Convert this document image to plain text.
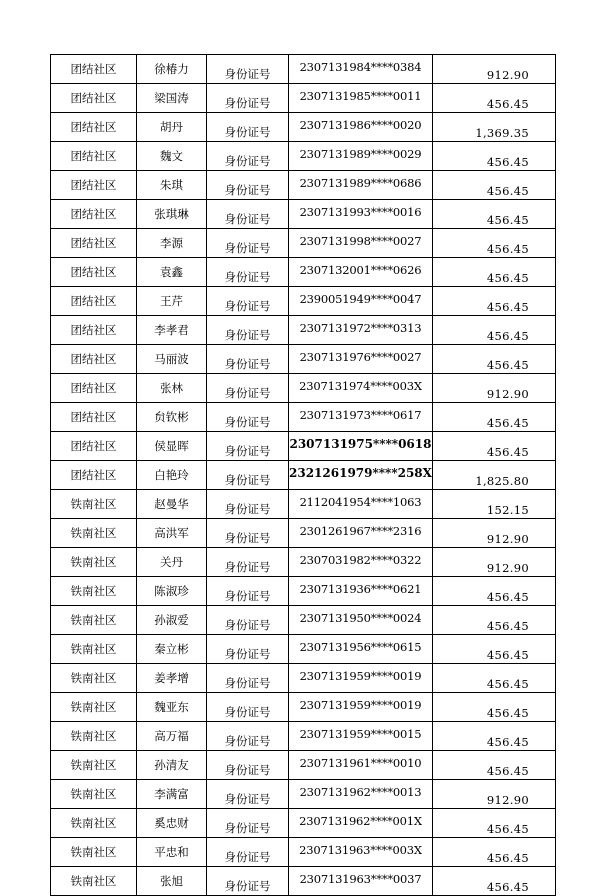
团结社区	徐椿力	身份证号	2307131984****0384	912.90
团结社区	梁国涛	身份证号	2307131985****0011	456.45
团结社区	胡丹	身份证号	2307131986****0020	1,369.35
团结社区	魏文	身份证号	2307131989****0029	456.45
团结社区	朱琪	身份证号	2307131989****0686	456.45
团结社区	张琪琳	身份证号	2307131993****0016	456.45
团结社区	李源	身份证号	2307131998****0027	456.45
团结社区	袁鑫	身份证号	2307132001****0626	456.45
团结社区	王芹	身份证号	2390051949****0047	456.45
团结社区	李孝君	身份证号	2307131972****0313	456.45
团结社区	马丽波	身份证号	2307131976****0027	456.45
团结社区	张林	身份证号	2307131974****003X	912.90
团结社区	贠钦彬	身份证号	2307131973****0617	456.45
团结社区	侯显晖	身份证号	2307131975****0618	456.45
团结社区	白艳玲	身份证号	2321261979****258X	1,825.80
铁南社区	赵曼华	身份证号	2112041954****1063	152.15
铁南社区	高洪军	身份证号	2301261967****2316	912.90
铁南社区	关丹	身份证号	2307031982****0322	912.90
铁南社区	陈淑珍	身份证号	2307131936****0621	456.45
铁南社区	孙淑爱	身份证号	2307131950****0024	456.45
铁南社区	秦立彬	身份证号	2307131956****0615	456.45
铁南社区	姜孝增	身份证号	2307131959****0019	456.45
铁南社区	魏亚东	身份证号	2307131959****0019	456.45
铁南社区	高万福	身份证号	2307131959****0015	456.45
铁南社区	孙清友	身份证号	2307131961****0010	456.45
铁南社区	李满富	身份证号	2307131962****0013	912.90
铁南社区	奚忠财	身份证号	2307131962****001X	456.45
铁南社区	平忠和	身份证号	2307131963****003X	456.45
铁南社区	张旭	身份证号	2307131963****0037	456.45
